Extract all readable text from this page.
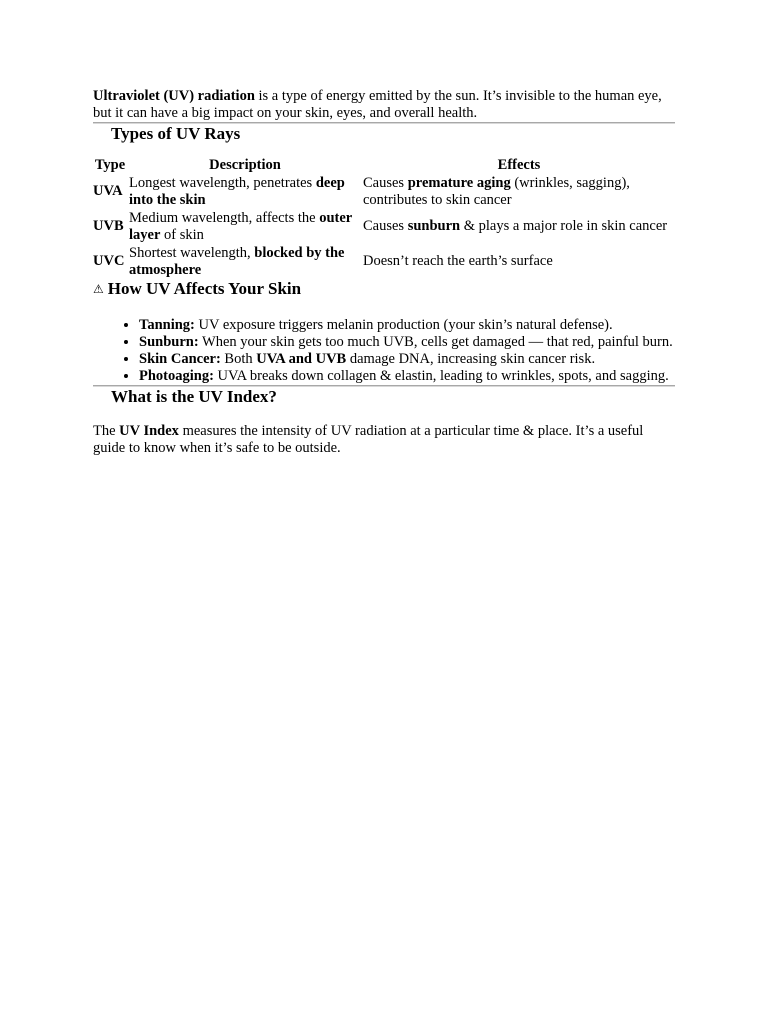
Ultraviolet (UV) radiation is a type of energy emitted by the sun. It’s invisible to the human eye, but it can have a big impact on your skin, eyes, and overall health.

Types of UV Rays
Type	Description	Effects
UVA	Longest wavelength, penetrates deep into the skin	Causes premature aging (wrinkles, sagging), contributes to skin cancer
UVB	Medium wavelength, affects the outer layer of skin	Causes sunburn & plays a major role in skin cancer
UVC	Shortest wavelength, blocked by the atmosphere	Doesn’t reach the earth’s surface
⚠ How UV Affects Your Skin
• Tanning: UV exposure triggers melanin production (your skin’s natural defense).
• Sunburn: When your skin gets too much UVB, cells get damaged — that red, painful burn.
• Skin Cancer: Both UVA and UVB damage DNA, increasing skin cancer risk.
• Photoaging: UVA breaks down collagen & elastin, leading to wrinkles, spots, and sagging.
What is the UV Index?

The UV Index measures the intensity of UV radiation at a particular time & place. It’s a useful guide to know when it’s safe to be outside.
